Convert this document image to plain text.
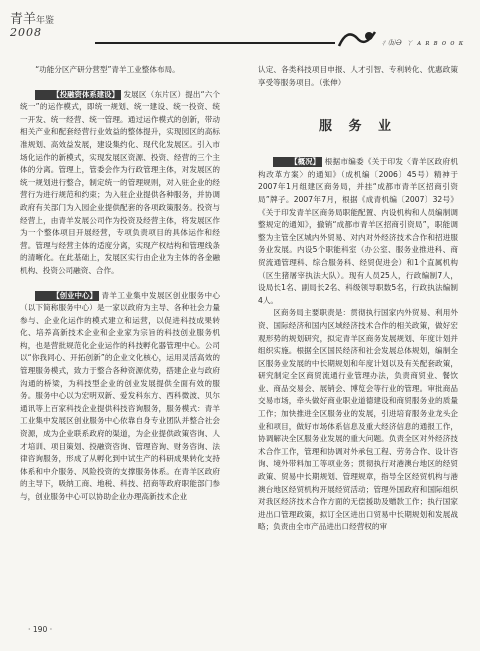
青羊年鉴
2008
ㄔ⒣Ә ㄚ ᴀ ʀ ʙ ᴏ ᴏ ᴋ

“功能分区产研分营型”青羊工业整体布局。

【投融资体系建设】 发展区（东片区）提出“六个统一”的运作模式，即统一规划、统一建设、统一投资、统一开发、统一经营、统一管理。通过运作模式的创新，带动相关产业和配套经营行业效益的整体提升，实现园区的高标准规划、高效益发展，建设集约化、现代化发展区。引入市场化运作的新模式，实现发展区资源、投资、经营的三个主体的分离。管理上，管委会作为行政管理主体，对发展区的统一规划进行整合，制定统一的管理规则，对入驻企业的经营行为进行规范和约束；为入驻企业提供各种服务，并协调政府有关部门为入园企业提供配套的各项政策服务。投资与经营上，由青羊发展公司作为投资及经营主体，将发展区作为一个整体项目开展经营，专项负责项目的具体运作和经营。管理与经营主体的适度分离，实现产权结构和管理线条的清晰化。在此基础上，发展区实行由企业为主体的各金融机构、投资公司融资、合作。

【创业中心】 青羊工业集中发展区创业服务中心（以下简称服务中心）是一家以政府为主导、各种社会力量参与、企业化运作的模式建立和运营，以促进科技成果转化、培养高新技术企业和企业家为宗旨的科技创业服务机构，也是营批规范化企业运作的科技孵化器管理中心。公司以“你我同心、开拓创新”的企业文化核心，运用灵活高效的管理服务模式，致力于整合各种资源优势，搭建企业与政府沟通的桥梁，为科技型企业的创业发展提供全面有效的服务。服务中心以为宏明双新、爱发科东方、西科微波、贝尔通讯等上百家科技企业提供科技咨询服务，服务模式：青羊工业集中发展区创业服务中心依靠自身专业团队并整合社会资源，成为企业联系政府的渠道，为企业提供政策咨询、人才培训、项目策划、投融资咨询、管理咨询、财务咨询、法律咨询服务，形成了从孵化到中试生产的科研成果转化支持体系和中介服务、风险投资的支撑服务体系。在青羊区政府的主导下，吸纳工商、地税、科技、招商等政府职能部门参与，创业服务中心可以协助企业办理高新技术企业

认定、各类科技项目申报、人才引智、专利转化、优惠政策享受等服务项目。（张伸）

服 务 业

【概况】 根据市编委《关于印发〈青羊区政府机构改革方案〉的通知》（成机编〔2006〕45号）精神于2007年1月组建区商务局，并挂“成都市青羊区招商引资局”牌子。2007年7月，根据《成青机编〔2007〕32号》《关于印发青羊区商务局职能配置、内设机构和人员编制调整规定的通知》，撤销“成都市青羊区招商引资局”，职能调整为主管全区城内外贸易、对内对外经济技术合作和招进服务业发展。内设5个职能科室（办公室、服务业推进科、商贸流通管理科、综合服务科、经贸促进会）和1个直属机构（区生猪屠宰执法大队）。现有人员25人，行政编制7人，设局长1名、副局长2名、科级领导职数5名，行政执法编制4人。

区商务局主要职责是：贯彻执行国家内外贸易、利用外资、国际经济和国内区域经济技术合作的相关政策，做好宏观形势的规划研究，拟定青羊区商务发展规划、年度计划并组织实施。根据全区国民经济和社会发展总体规划，编制全区服务业发展的中长期规划和年度计划以及有关配套政策，研究制定全区商贸流通行业管理办法，负责商贸业、餐饮业、商品交易会、展销会、博览会等行业的管理。审批商品交易市场，牵头做好商业职业道德建设和商贸服务业的质量工作；加快推进全区服务业的发展，引进培育服务业龙头企业和项目，做好市场体系信息及重大经济信息的通报工作，协调解决全区服务业发展的重大问题。负责全区对外经济技术合作工作，管理和协调对外承包工程、劳务合作、设计咨询、境外带料加工等项业务；贯彻执行对港澳台地区的经贸政策、贸易中长期规划、管理规章，指导全区经贸机构与港澳台地区经贸机构开展经贸活动；管理外国政府和国际组织对我区经济技术合作方面的无偿援助及赠款工作；执行国家进出口管理政策，拟订全区进出口贸易中长期规划和发展战略；负责由全市产品进出口经营权的审

· 190 ·
